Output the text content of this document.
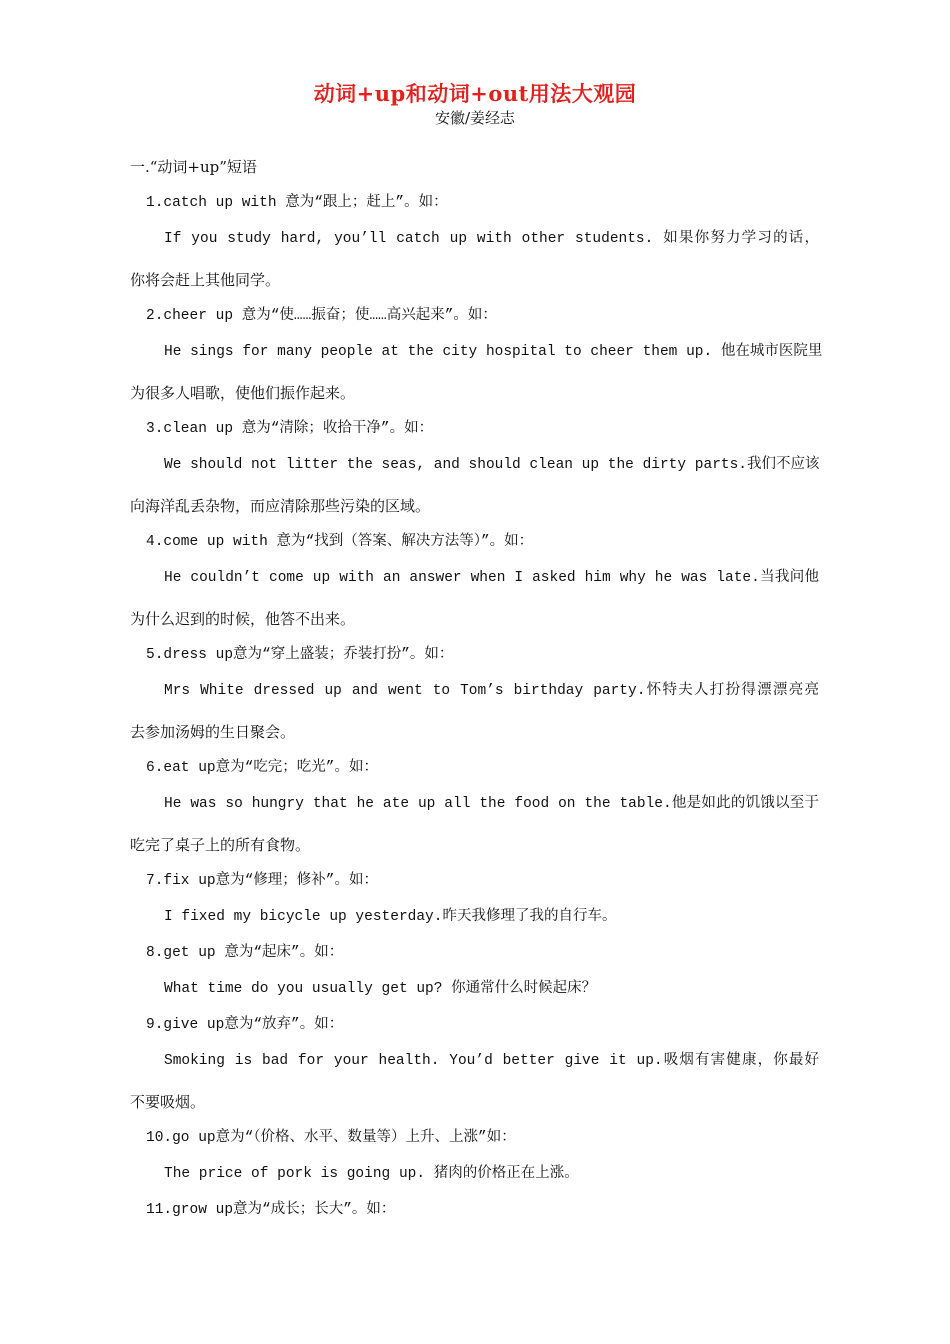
动词+up和动词+out用法大观园
安徽/姜经志
一.“动词+up”短语
1.catch up with 意为“跟上；赶上”。如：
If you study hard, you’ll catch up with other students. 如果你努力学习的话，
你将会赶上其他同学。
2.cheer up 意为“使……振奋；使……高兴起来”。如：
He sings for many people at the city hospital to cheer them up. 他在城市医院里
为很多人唱歌，使他们振作起来。
3.clean up 意为“清除；收拾干净”。如：
We should not litter the seas, and should clean up the dirty parts.我们不应该
向海洋乱丢杂物，而应清除那些污染的区域。
4.come up with 意为“找到（答案、解决方法等）”。如：
He couldn’t come up with an answer when I asked him why he was late.当我问他
为什么迟到的时候，他答不出来。
5.dress up意为“穿上盛装；乔装打扮”。如：
Mrs White dressed up and went to Tom’s birthday party.怀特夫人打扮得漂漂亮亮
去参加汤姆的生日聚会。
6.eat up意为“吃完；吃光”。如：
He was so hungry that he ate up all the food on the table.他是如此的饥饿以至于
吃完了桌子上的所有食物。
7.fix up意为“修理；修补”。如：
I fixed my bicycle up yesterday.昨天我修理了我的自行车。
8.get up 意为“起床”。如：
What time do you usually get up? 你通常什么时候起床？
9.give up意为“放弃”。如：
Smoking is bad for your health. You’d better give it up.吸烟有害健康，你最好
不要吸烟。
10.go up意为“（价格、水平、数量等）上升、上涨”如：
The price of pork is going up. 猪肉的价格正在上涨。
11.grow up意为“成长；长大”。如：
